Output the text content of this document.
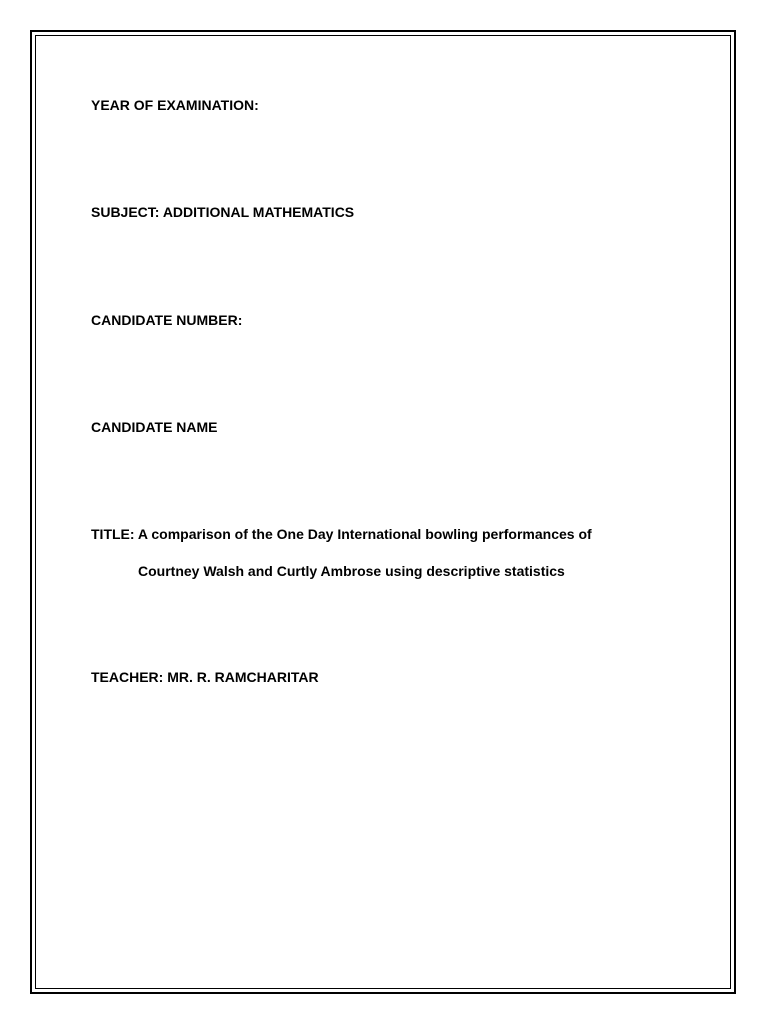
YEAR OF EXAMINATION:
SUBJECT: ADDITIONAL MATHEMATICS
CANDIDATE NUMBER:
CANDIDATE NAME
TITLE: A comparison of the One Day International bowling performances of
Courtney Walsh and Curtly Ambrose using descriptive statistics
TEACHER: MR. R. RAMCHARITAR
